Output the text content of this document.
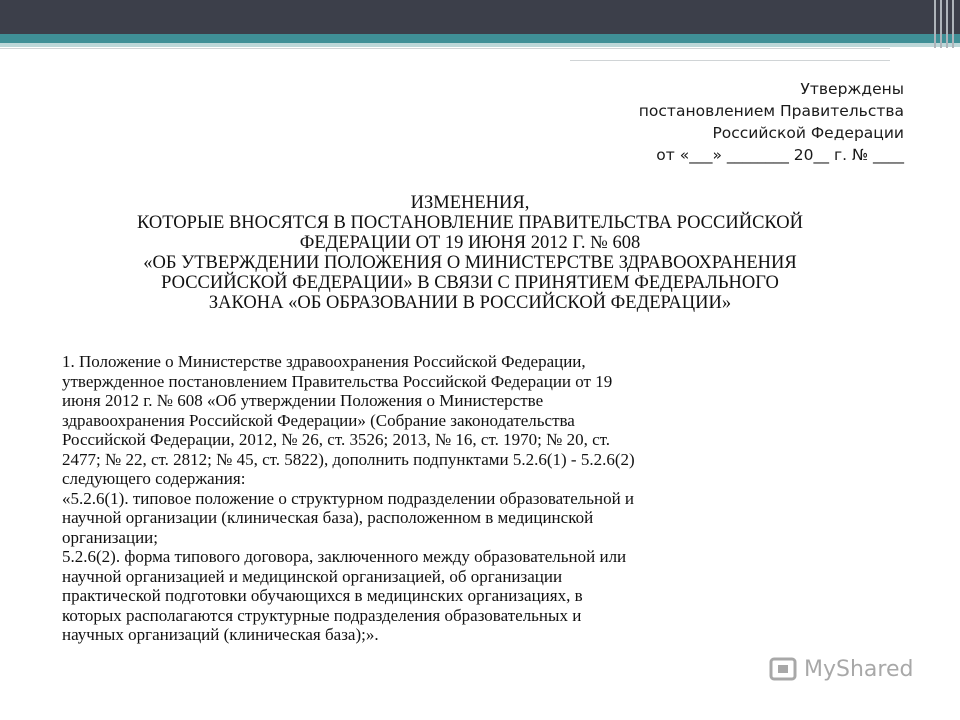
Утверждены
постановлением Правительства
Российской Федерации
от «___» ________ 20__ г. № ____
ИЗМЕНЕНИЯ,
КОТОРЫЕ ВНОСЯТСЯ В ПОСТАНОВЛЕНИЕ ПРАВИТЕЛЬСТВА РОССИЙСКОЙ
ФЕДЕРАЦИИ ОТ 19 ИЮНЯ 2012 Г. № 608
«ОБ УТВЕРЖДЕНИИ ПОЛОЖЕНИЯ О МИНИСТЕРСТВЕ ЗДРАВООХРАНЕНИЯ
РОССИЙСКОЙ ФЕДЕРАЦИИ» В СВЯЗИ С ПРИНЯТИЕМ ФЕДЕРАЛЬНОГО
ЗАКОНА «ОБ ОБРАЗОВАНИИ В РОССИЙСКОЙ ФЕДЕРАЦИИ»
1. Положение о Министерстве здравоохранения Российской Федерации,
утвержденное постановлением Правительства Российской Федерации от 19
июня 2012 г. № 608 «Об утверждении Положения о Министерстве
здравоохранения Российской Федерации» (Собрание законодательства
Российской Федерации, 2012, № 26, ст. 3526; 2013, № 16, ст. 1970; № 20, ст.
2477; № 22, ст. 2812; № 45, ст. 5822), дополнить подпунктами 5.2.6(1) - 5.2.6(2)
следующего содержания:
«5.2.6(1). типовое положение о структурном подразделении образовательной и
научной организации (клиническая база), расположенном в медицинской
организации;
5.2.6(2). форма типового договора, заключенного между образовательной или
научной организацией и медицинской организацией, об организации
практической подготовки обучающихся в медицинских организациях, в
которых располагаются структурные подразделения образовательных и
научных организаций (клиническая база);».
MyShared
